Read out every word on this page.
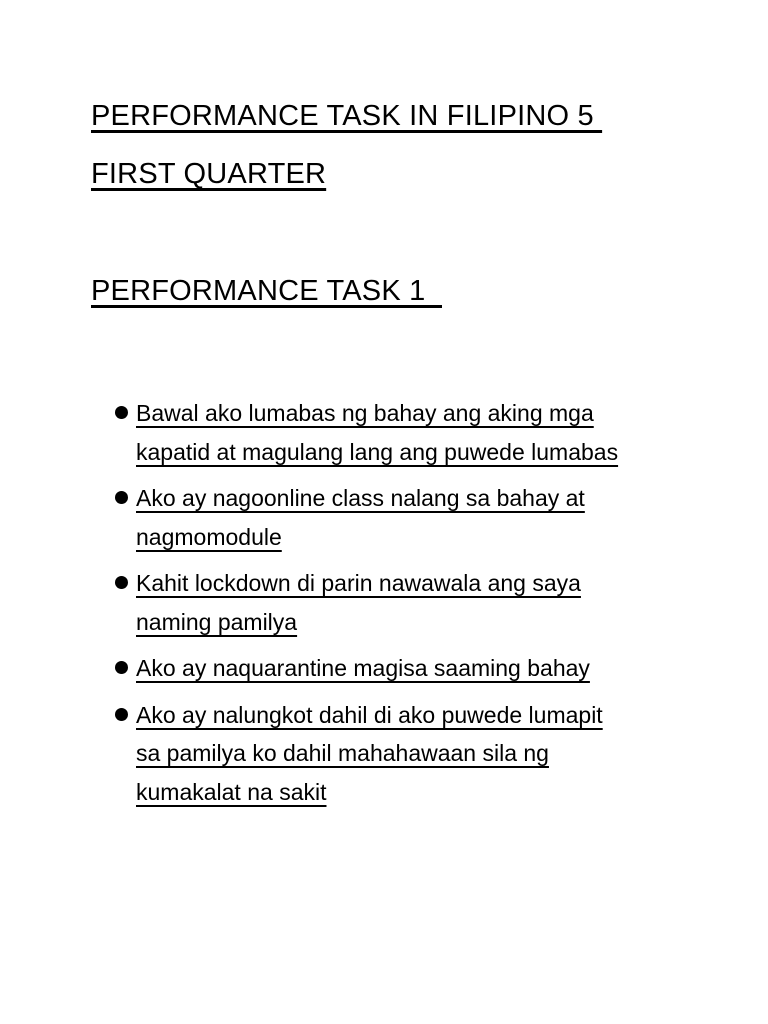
PERFORMANCE TASK IN FILIPINO 5
FIRST QUARTER
PERFORMANCE TASK 1
Bawal ako lumabas ng bahay ang aking mga
kapatid at magulang lang ang puwede lumabas
Ako ay nagoonline class nalang sa bahay at
nagmomodule
Kahit lockdown di parin nawawala ang saya
naming pamilya
Ako ay naquarantine magisa saaming bahay
Ako ay nalungkot dahil di ako puwede lumapit
sa pamilya ko dahil mahahawaan sila ng
kumakalat na sakit
